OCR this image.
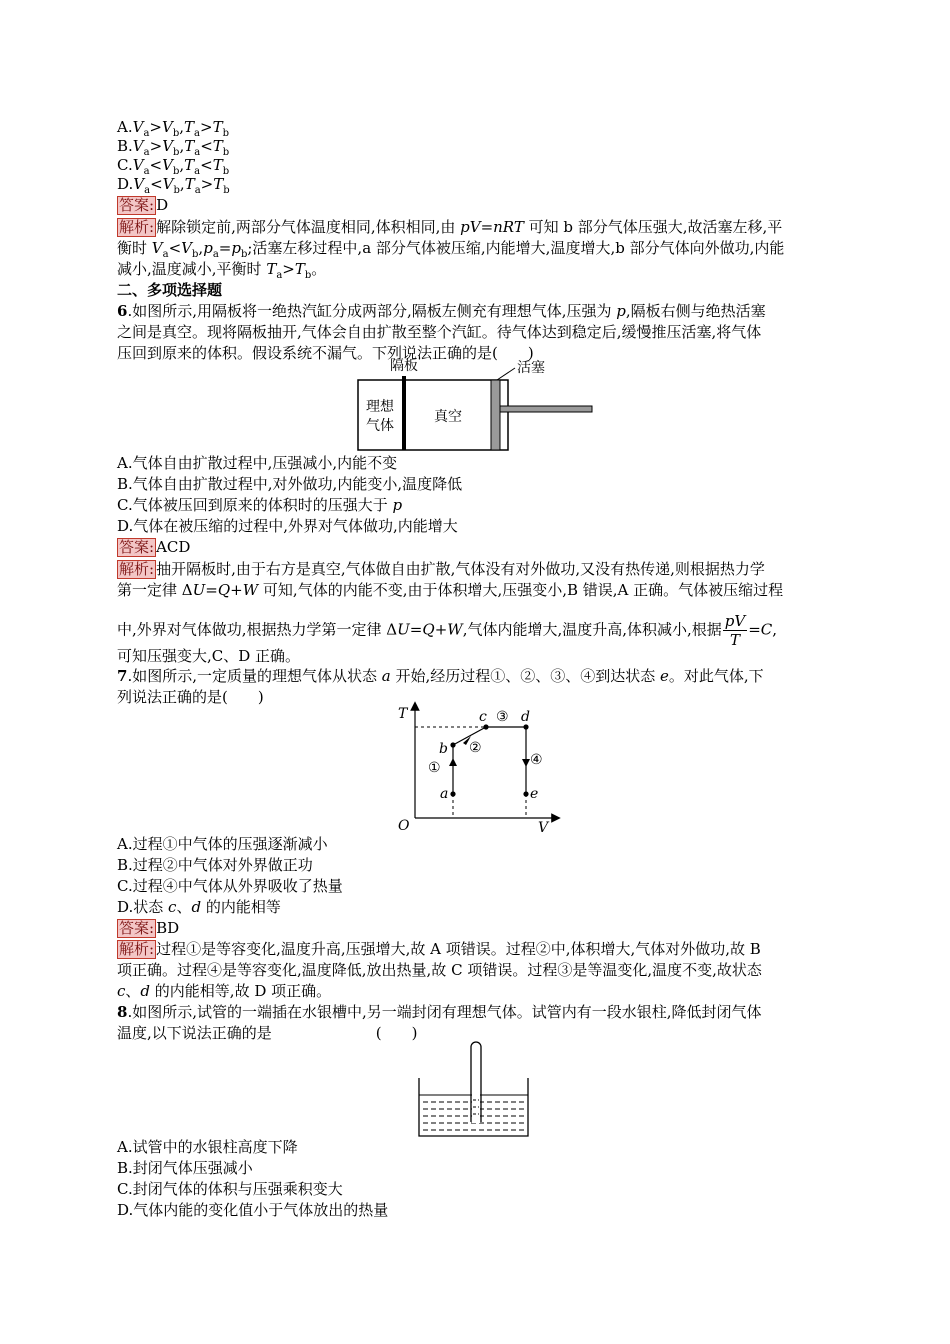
$A.V_a>V_b,T_a>T_b$
$B.V_a>V_b,T_a<T_b$
$C.V_a<V_b,T_a<T_b$
$D.V_a<V_b,T_a>T_b$
答案: D
解析: 解除锁定前,两部分气体温度相同,体积相同,由 pV=nRT 可知 b 部分气体压强大,故活塞左移,平
衡时 $V_a<V_b,p_a=p_b$;活塞左移过程中,a 部分气体被压缩,内能增大,温度增大,b 部分气体向外做功,内能
减小,温度减小,平衡时 $T_a>T_b$。
二、多项选择题
6.如图所示,用隔板将一绝热汽缸分成两部分,隔板左侧充有理想气体,压强为 p,隔板右侧与绝热活塞
之间是真空。现将隔板抽开,气体会自由扩散至整个汽缸。待气体达到稳定后,缓慢推压活塞,将气体
压回到原来的体积。假设系统不漏气。下列说法正确的是(　　)
隔板
理想
气体
真空
活塞
A.气体自由扩散过程中,压强减小,内能不变
B.气体自由扩散过程中,对外做功,内能变小,温度降低
C.气体被压回到原来的体积时的压强大于 p
D.气体在被压缩的过程中,外界对气体做功,内能增大
答案: ACD
解析: 抽开隔板时,由于右方是真空,气体做自由扩散,气体没有对外做功,又没有热传递,则根据热力学
第一定律 ΔU=Q+W 可知,气体的内能不变,由于体积增大,压强变小,B 错误,A 正确。气体被压缩过程
中,外界对气体做功,根据热力学第一定律 ΔU=Q+W,气体内能增大,温度升高,体积减小,根据 $\frac{pV}{T} =C$,
可知压强变大,C、D 正确。
7.如图所示,一定质量的理想气体从状态 a 开始,经历过程①、②、③、④到达状态 e。对此气体,下
列说法正确的是(　　)
T
V
O
a
b
c d
e
①
②
③
④
A.过程①中气体的压强逐渐减小
B.过程②中气体对外界做正功
C.过程④中气体从外界吸收了热量
D.状态 c、d 的内能相等
答案: BD
解析: 过程①是等容变化,温度升高,压强增大,故 A 项错误。过程②中,体积增大,气体对外做功,故 B
项正确。过程④是等容变化,温度降低,放出热量,故 C 项错误。过程③是等温变化,温度不变,故状态
c、d 的内能相等,故 D 项正确。
8.如图所示,试管的一端插在水银槽中,另一端封闭有理想气体。试管内有一段水银柱,降低封闭气体
温度,以下说法正确的是	(　　)
A.试管中的水银柱高度下降
B.封闭气体压强减小
C.封闭气体的体积与压强乘积变大
D.气体内能的变化值小于气体放出的热量
